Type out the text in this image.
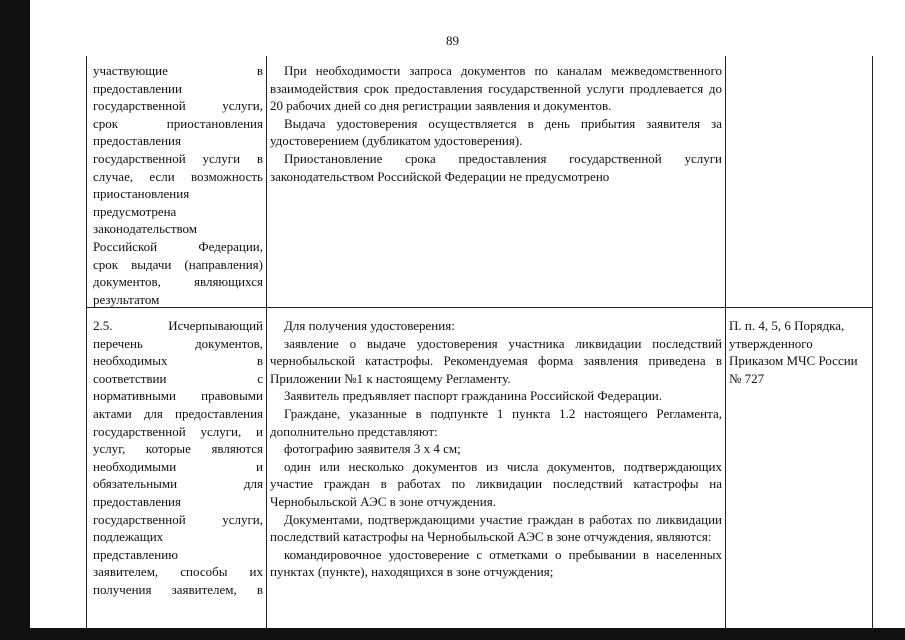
89

участвующие в

предоставлении

государственной услуги,

срок приостановления

предоставления

государственной услуги в

случае, если возможность

приостановления

предусмотрена

законодательством

Российской Федерации,

срок выдачи (направления)

документов, являющихся

результатом

При необходимости запроса документов по каналам межведомственного взаимодействия срок предоставления государственной услуги продлевается до 20 рабочих дней со дня регистрации заявления и документов.

Выдача удостоверения осуществляется в день прибытия заявителя за удостоверением (дубликатом удостоверения).

Приостановление срока предоставления государственной услуги законодательством Российской Федерации не предусмотрено

2.5. Исчерпывающий

перечень документов,

необходимых в

соответствии с

нормативными правовыми

актами для предоставления

государственной услуги, и

услуг, которые являются

необходимыми и

обязательными для

предоставления

государственной услуги,

подлежащих

представлению

заявителем, способы их

получения заявителем, в

Для получения удостоверения:

заявление о выдаче удостоверения участника ликвидации последствий чернобыльской катастрофы. Рекомендуемая форма заявления приведена в Приложении №1 к настоящему Регламенту.

Заявитель предъявляет паспорт гражданина Российской Федерации.

Граждане, указанные в подпункте 1 пункта 1.2 настоящего Регламента, дополнительно представляют:

фотографию заявителя 3 х 4 см;

один или несколько документов из числа документов, подтверждающих участие граждан в работах по ликвидации последствий катастрофы на Чернобыльской АЭС в зоне отчуждения.

Документами, подтверждающими участие граждан в работах по ликвидации последствий катастрофы на Чернобыльской АЭС в зоне отчуждения, являются:

командировочное удостоверение с отметками о пребывании в населенных пунктах (пункте), находящихся в зоне отчуждения;

П. п. 4, 5, 6 Порядка, утвержденного Приказом МЧС России № 727
